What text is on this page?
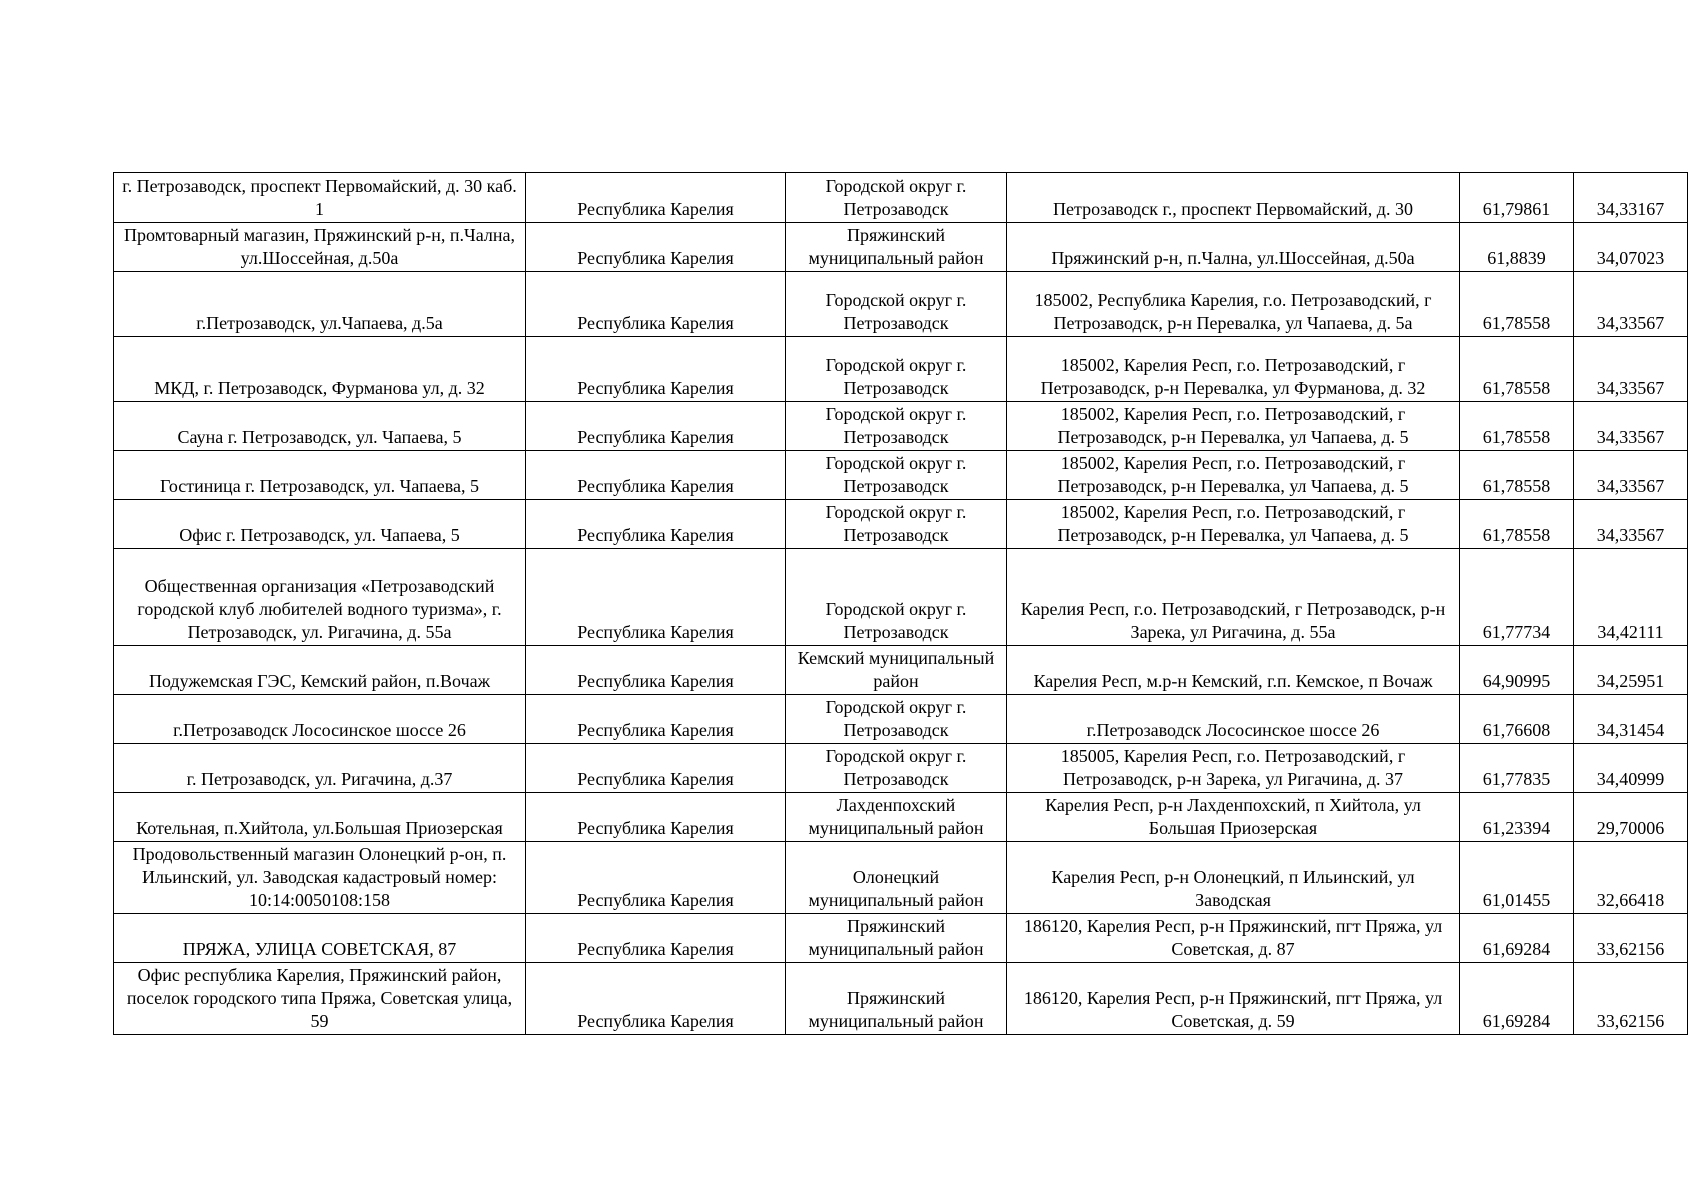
г. Петрозаводск, проспект Первомайский, д. 30 каб. 1	Республика Карелия	Городской округ г. Петрозаводск	Петрозаводск г., проспект Первомайский, д. 30	61,79861	34,33167
Промтоварный магазин, Пряжинский р-н, п.Чална, ул.Шоссейная, д.50а	Республика Карелия	Пряжинский муниципальный район	Пряжинский р-н, п.Чална, ул.Шоссейная, д.50а	61,8839	34,07023
г.Петрозаводск, ул.Чапаева, д.5а	Республика Карелия	Городской округ г. Петрозаводск	185002, Республика Карелия, г.о. Петрозаводский, г Петрозаводск, р-н Перевалка, ул Чапаева, д. 5а	61,78558	34,33567
МКД, г. Петрозаводск, Фурманова ул, д. 32	Республика Карелия	Городской округ г. Петрозаводск	185002, Карелия Респ, г.о. Петрозаводский, г Петрозаводск, р-н Перевалка, ул Фурманова, д. 32	61,78558	34,33567
Сауна г. Петрозаводск, ул. Чапаева, 5	Республика Карелия	Городской округ г. Петрозаводск	185002, Карелия Респ, г.о. Петрозаводский, г Петрозаводск, р-н Перевалка, ул Чапаева, д. 5	61,78558	34,33567
Гостиница г. Петрозаводск, ул. Чапаева, 5	Республика Карелия	Городской округ г. Петрозаводск	185002, Карелия Респ, г.о. Петрозаводский, г Петрозаводск, р-н Перевалка, ул Чапаева, д. 5	61,78558	34,33567
Офис г. Петрозаводск, ул. Чапаева, 5	Республика Карелия	Городской округ г. Петрозаводск	185002, Карелия Респ, г.о. Петрозаводский, г Петрозаводск, р-н Перевалка, ул Чапаева, д. 5	61,78558	34,33567
Общественная организация «Петрозаводский городской клуб любителей водного туризма», г. Петрозаводск, ул. Ригачина, д. 55а	Республика Карелия	Городской округ г. Петрозаводск	Карелия Респ, г.о. Петрозаводский, г Петрозаводск, р-н Зарека, ул Ригачина, д. 55а	61,77734	34,42111
Подужемская ГЭС, Кемский район, п.Вочаж	Республика Карелия	Кемский муниципальный район	Карелия Респ, м.р-н Кемский, г.п. Кемское, п Вочаж	64,90995	34,25951
г.Петрозаводск Лососинское шоссе 26	Республика Карелия	Городской округ г. Петрозаводск	г.Петрозаводск Лососинское шоссе 26	61,76608	34,31454
г. Петрозаводск, ул. Ригачина, д.37	Республика Карелия	Городской округ г. Петрозаводск	185005, Карелия Респ, г.о. Петрозаводский, г Петрозаводск, р-н Зарека, ул Ригачина, д. 37	61,77835	34,40999
Котельная, п.Хийтола, ул.Большая Приозерская	Республика Карелия	Лахденпохский муниципальный район	Карелия Респ, р-н Лахденпохский, п Хийтола, ул Большая Приозерская	61,23394	29,70006
Продовольственный магазин Олонецкий р-он, п. Ильинский, ул. Заводская кадастровый номер: 10:14:0050108:158	Республика Карелия	Олонецкий муниципальный район	Карелия Респ, р-н Олонецкий, п Ильинский, ул Заводская	61,01455	32,66418
ПРЯЖА, УЛИЦА СОВЕТСКАЯ, 87	Республика Карелия	Пряжинский муниципальный район	186120, Карелия Респ, р-н Пряжинский, пгт Пряжа, ул Советская, д. 87	61,69284	33,62156
Офис республика Карелия, Пряжинский район, поселок городского типа Пряжа, Советская улица, 59	Республика Карелия	Пряжинский муниципальный район	186120, Карелия Респ, р-н Пряжинский, пгт Пряжа, ул Советская, д. 59	61,69284	33,62156
